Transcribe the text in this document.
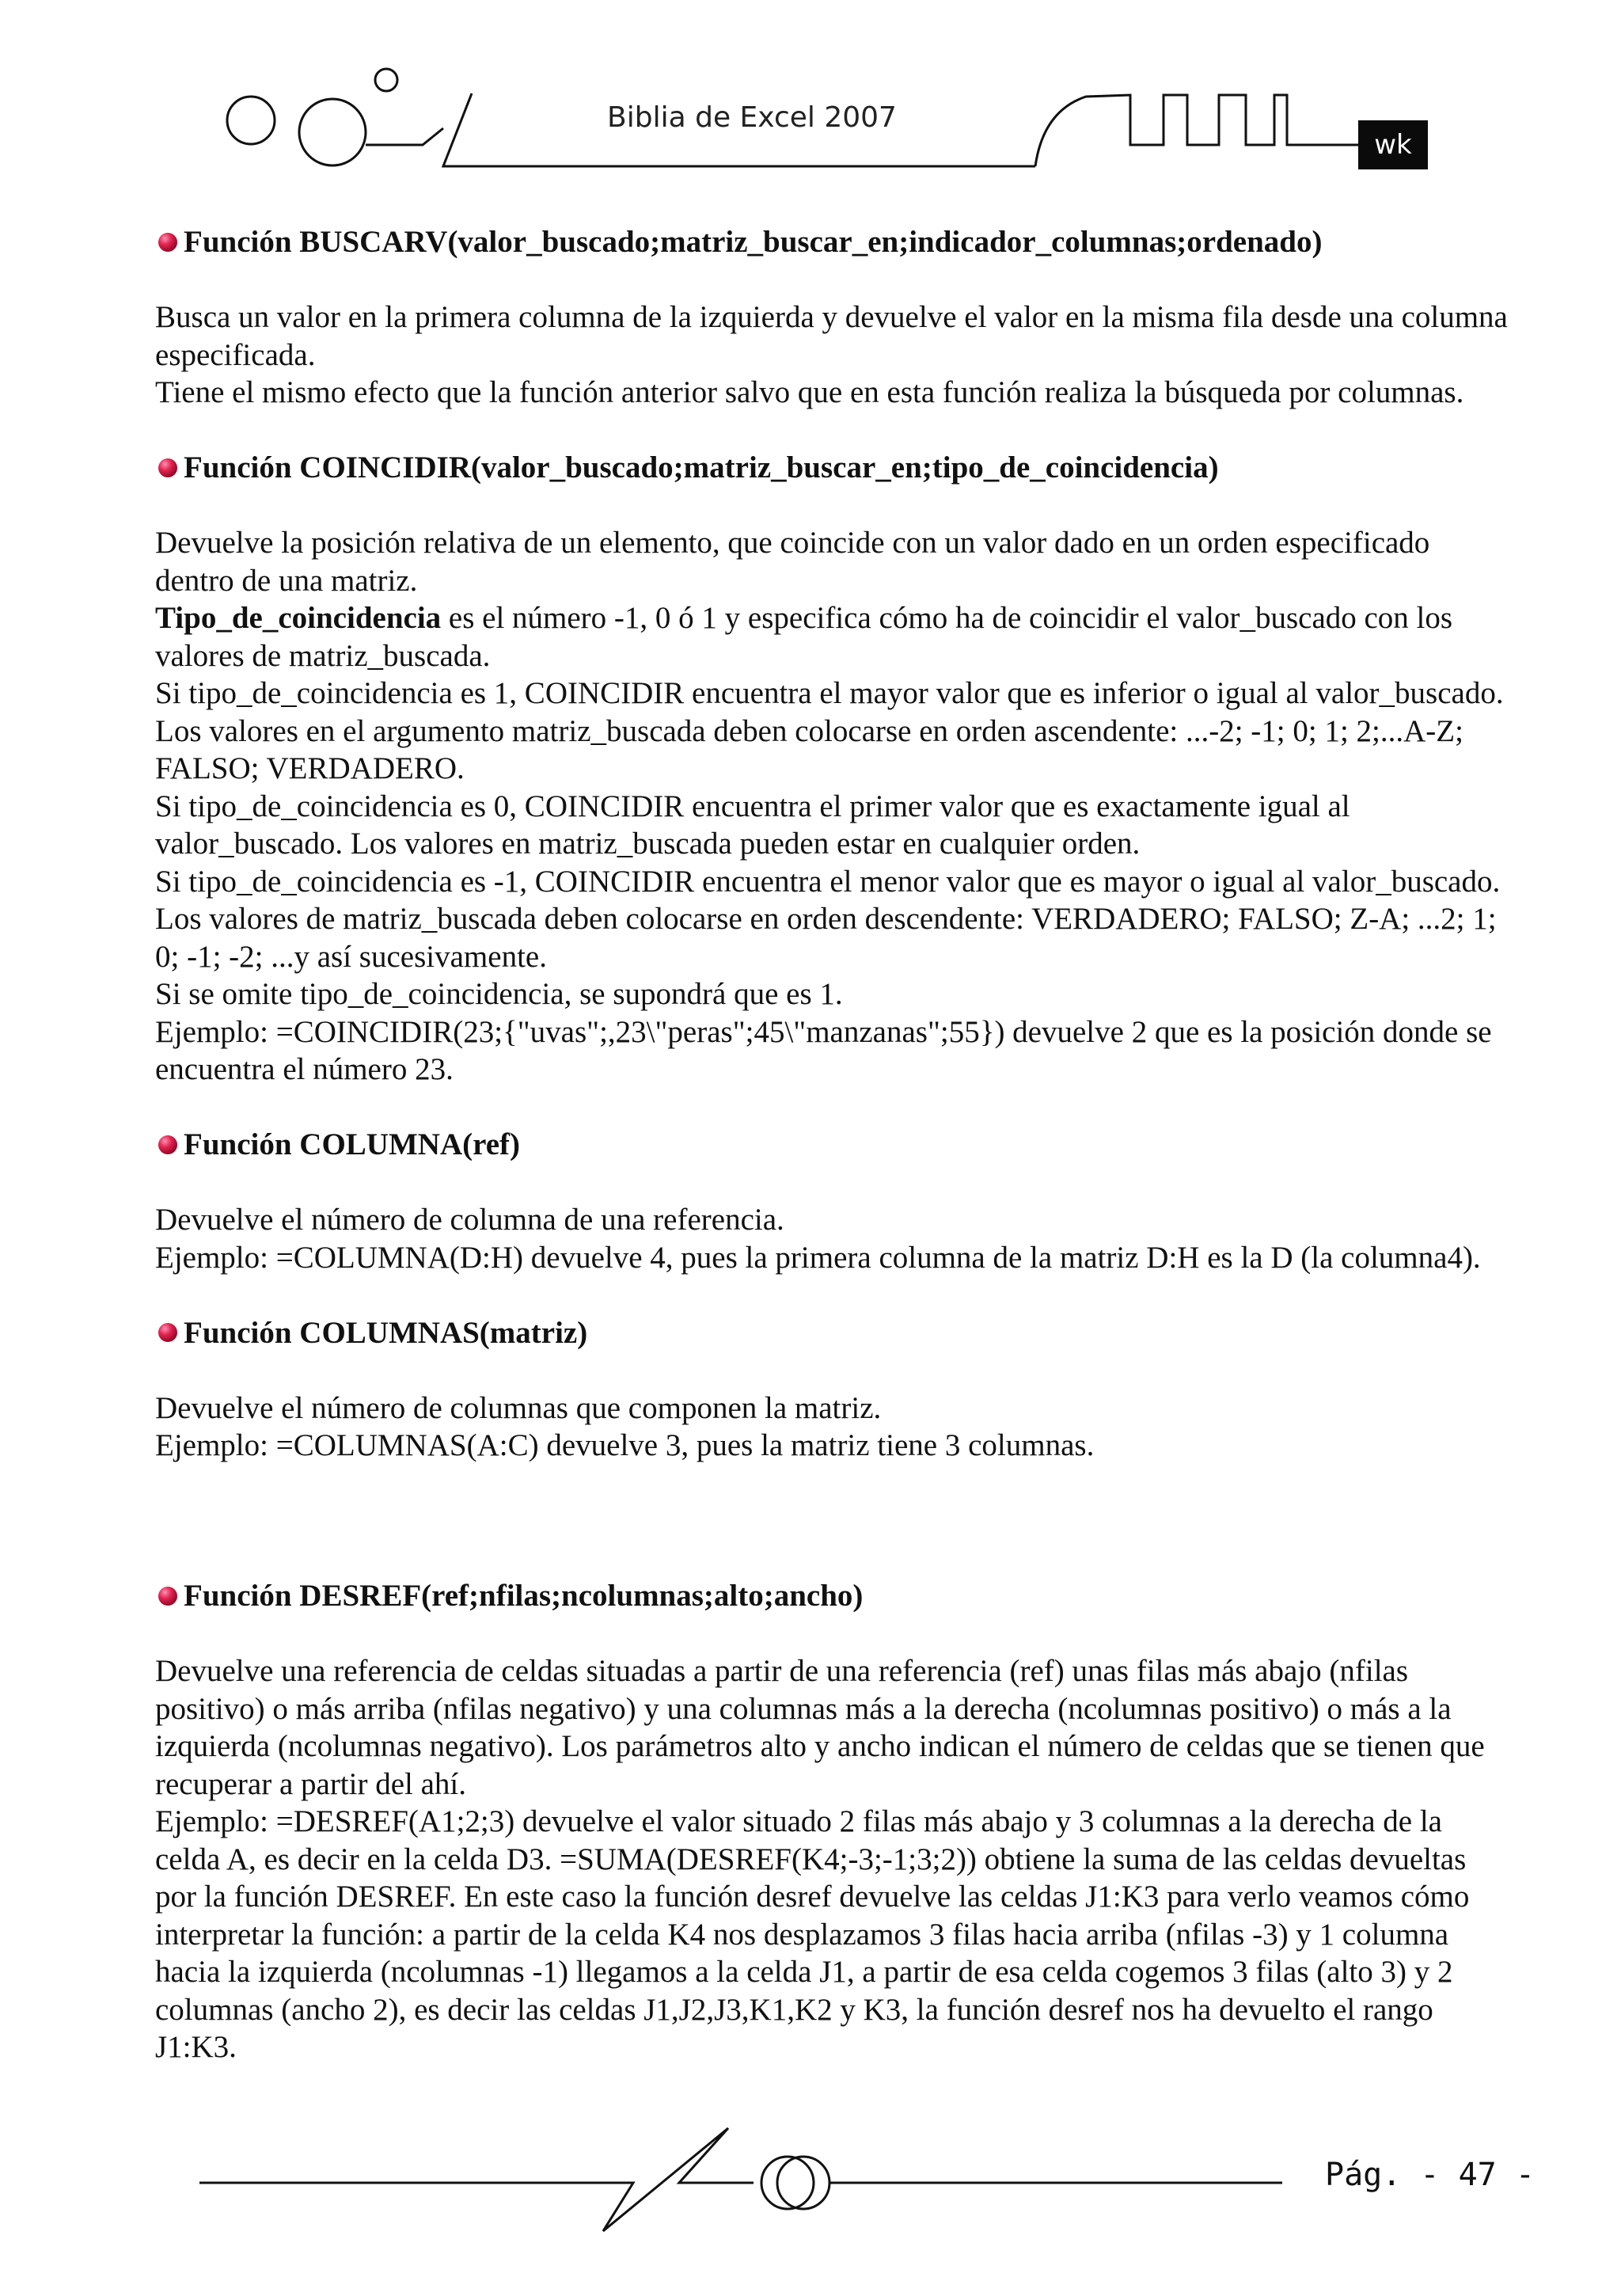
Biblia de Excel 2007
wk
Función BUSCARV(valor_buscado;matriz_buscar_en;indicador_columnas;ordenado)

Busca un valor en la primera columna de la izquierda y devuelve el valor en la misma fila desde una columna especificada.

Tiene el mismo efecto que la función anterior salvo que en esta función realiza la búsqueda por columnas.

Función COINCIDIR(valor_buscado;matriz_buscar_en;tipo_de_coincidencia)

Devuelve la posición relativa de un elemento, que coincide con un valor dado en un orden especificado dentro de una matriz.

Tipo_de_coincidencia es el número -1, 0 ó 1 y especifica cómo ha de coincidir el valor_buscado con los valores de matriz_buscada.

Si tipo_de_coincidencia es 1, COINCIDIR encuentra el mayor valor que es inferior o igual al valor_buscado. Los valores en el argumento matriz_buscada deben colocarse en orden ascendente: ...-2; -1; 0; 1; 2;...A-Z; FALSO; VERDADERO.

Si tipo_de_coincidencia es 0, COINCIDIR encuentra el primer valor que es exactamente igual al valor_buscado. Los valores en matriz_buscada pueden estar en cualquier orden.

Si tipo_de_coincidencia es -1, COINCIDIR encuentra el menor valor que es mayor o igual al valor_buscado. Los valores de matriz_buscada deben colocarse en orden descendente: VERDADERO; FALSO; Z-A; ...2; 1; 0; -1; -2; ...y así sucesivamente.

Si se omite tipo_de_coincidencia, se supondrá que es 1.

Ejemplo: =COINCIDIR(23;{"uvas";,23\"peras";45\"manzanas";55}) devuelve 2 que es la posición donde se encuentra el número 23.

Función COLUMNA(ref)

Devuelve el número de columna de una referencia.

Ejemplo: =COLUMNA(D:H) devuelve 4, pues la primera columna de la matriz D:H es la D (la columna4).

Función COLUMNAS(matriz)

Devuelve el número de columnas que componen la matriz.

Ejemplo: =COLUMNAS(A:C) devuelve 3, pues la matriz tiene 3 columnas.

Función DESREF(ref;nfilas;ncolumnas;alto;ancho)

Devuelve una referencia de celdas situadas a partir de una referencia (ref) unas filas más abajo (nfilas positivo) o más arriba (nfilas negativo) y una columnas más a la derecha (ncolumnas positivo) o más a la izquierda (ncolumnas negativo). Los parámetros alto y ancho indican el número de celdas que se tienen que recuperar a partir del ahí.

Ejemplo: =DESREF(A1;2;3) devuelve el valor situado 2 filas más abajo y 3 columnas a la derecha de la celda A, es decir en la celda D3. =SUMA(DESREF(K4;-3;-1;3;2)) obtiene la suma de las celdas devueltas por la función DESREF. En este caso la función desref devuelve las celdas J1:K3 para verlo veamos cómo interpretar la función: a partir de la celda K4 nos desplazamos 3 filas hacia arriba (nfilas -3) y 1 columna hacia la izquierda (ncolumnas -1) llegamos a la celda J1, a partir de esa celda cogemos 3 filas (alto 3) y 2 columnas (ancho 2), es decir las celdas J1,J2,J3,K1,K2 y K3, la función desref nos ha devuelto el rango J1:K3.

Pág. - 47 -
